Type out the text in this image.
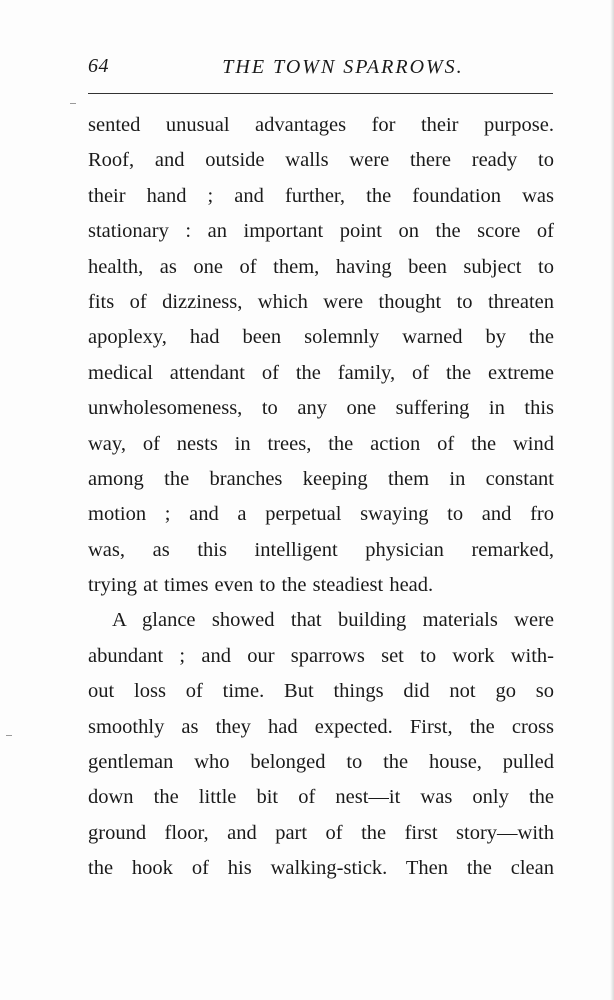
64	THE TOWN SPARROWS.
sented unusual advantages for their purpose.
Roof, and outside walls were there ready to
their hand ; and further, the foundation was
stationary : an important point on the score of
health, as one of them, having been subject to
fits of dizziness, which were thought to threaten
apoplexy, had been solemnly warned by the
medical attendant of the family, of the extreme
unwholesomeness, to any one suffering in this
way, of nests in trees, the action of the wind
among the branches keeping them in constant
motion ; and a perpetual swaying to and fro
was, as this intelligent physician remarked,
trying at times even to the steadiest head.
A glance showed that building materials were
abundant ; and our sparrows set to work with-
out loss of time. But things did not go so
smoothly as they had expected. First, the cross
gentleman who belonged to the house, pulled
down the little bit of nest—it was only the
ground floor, and part of the first story—with
the hook of his walking-stick. Then the clean
